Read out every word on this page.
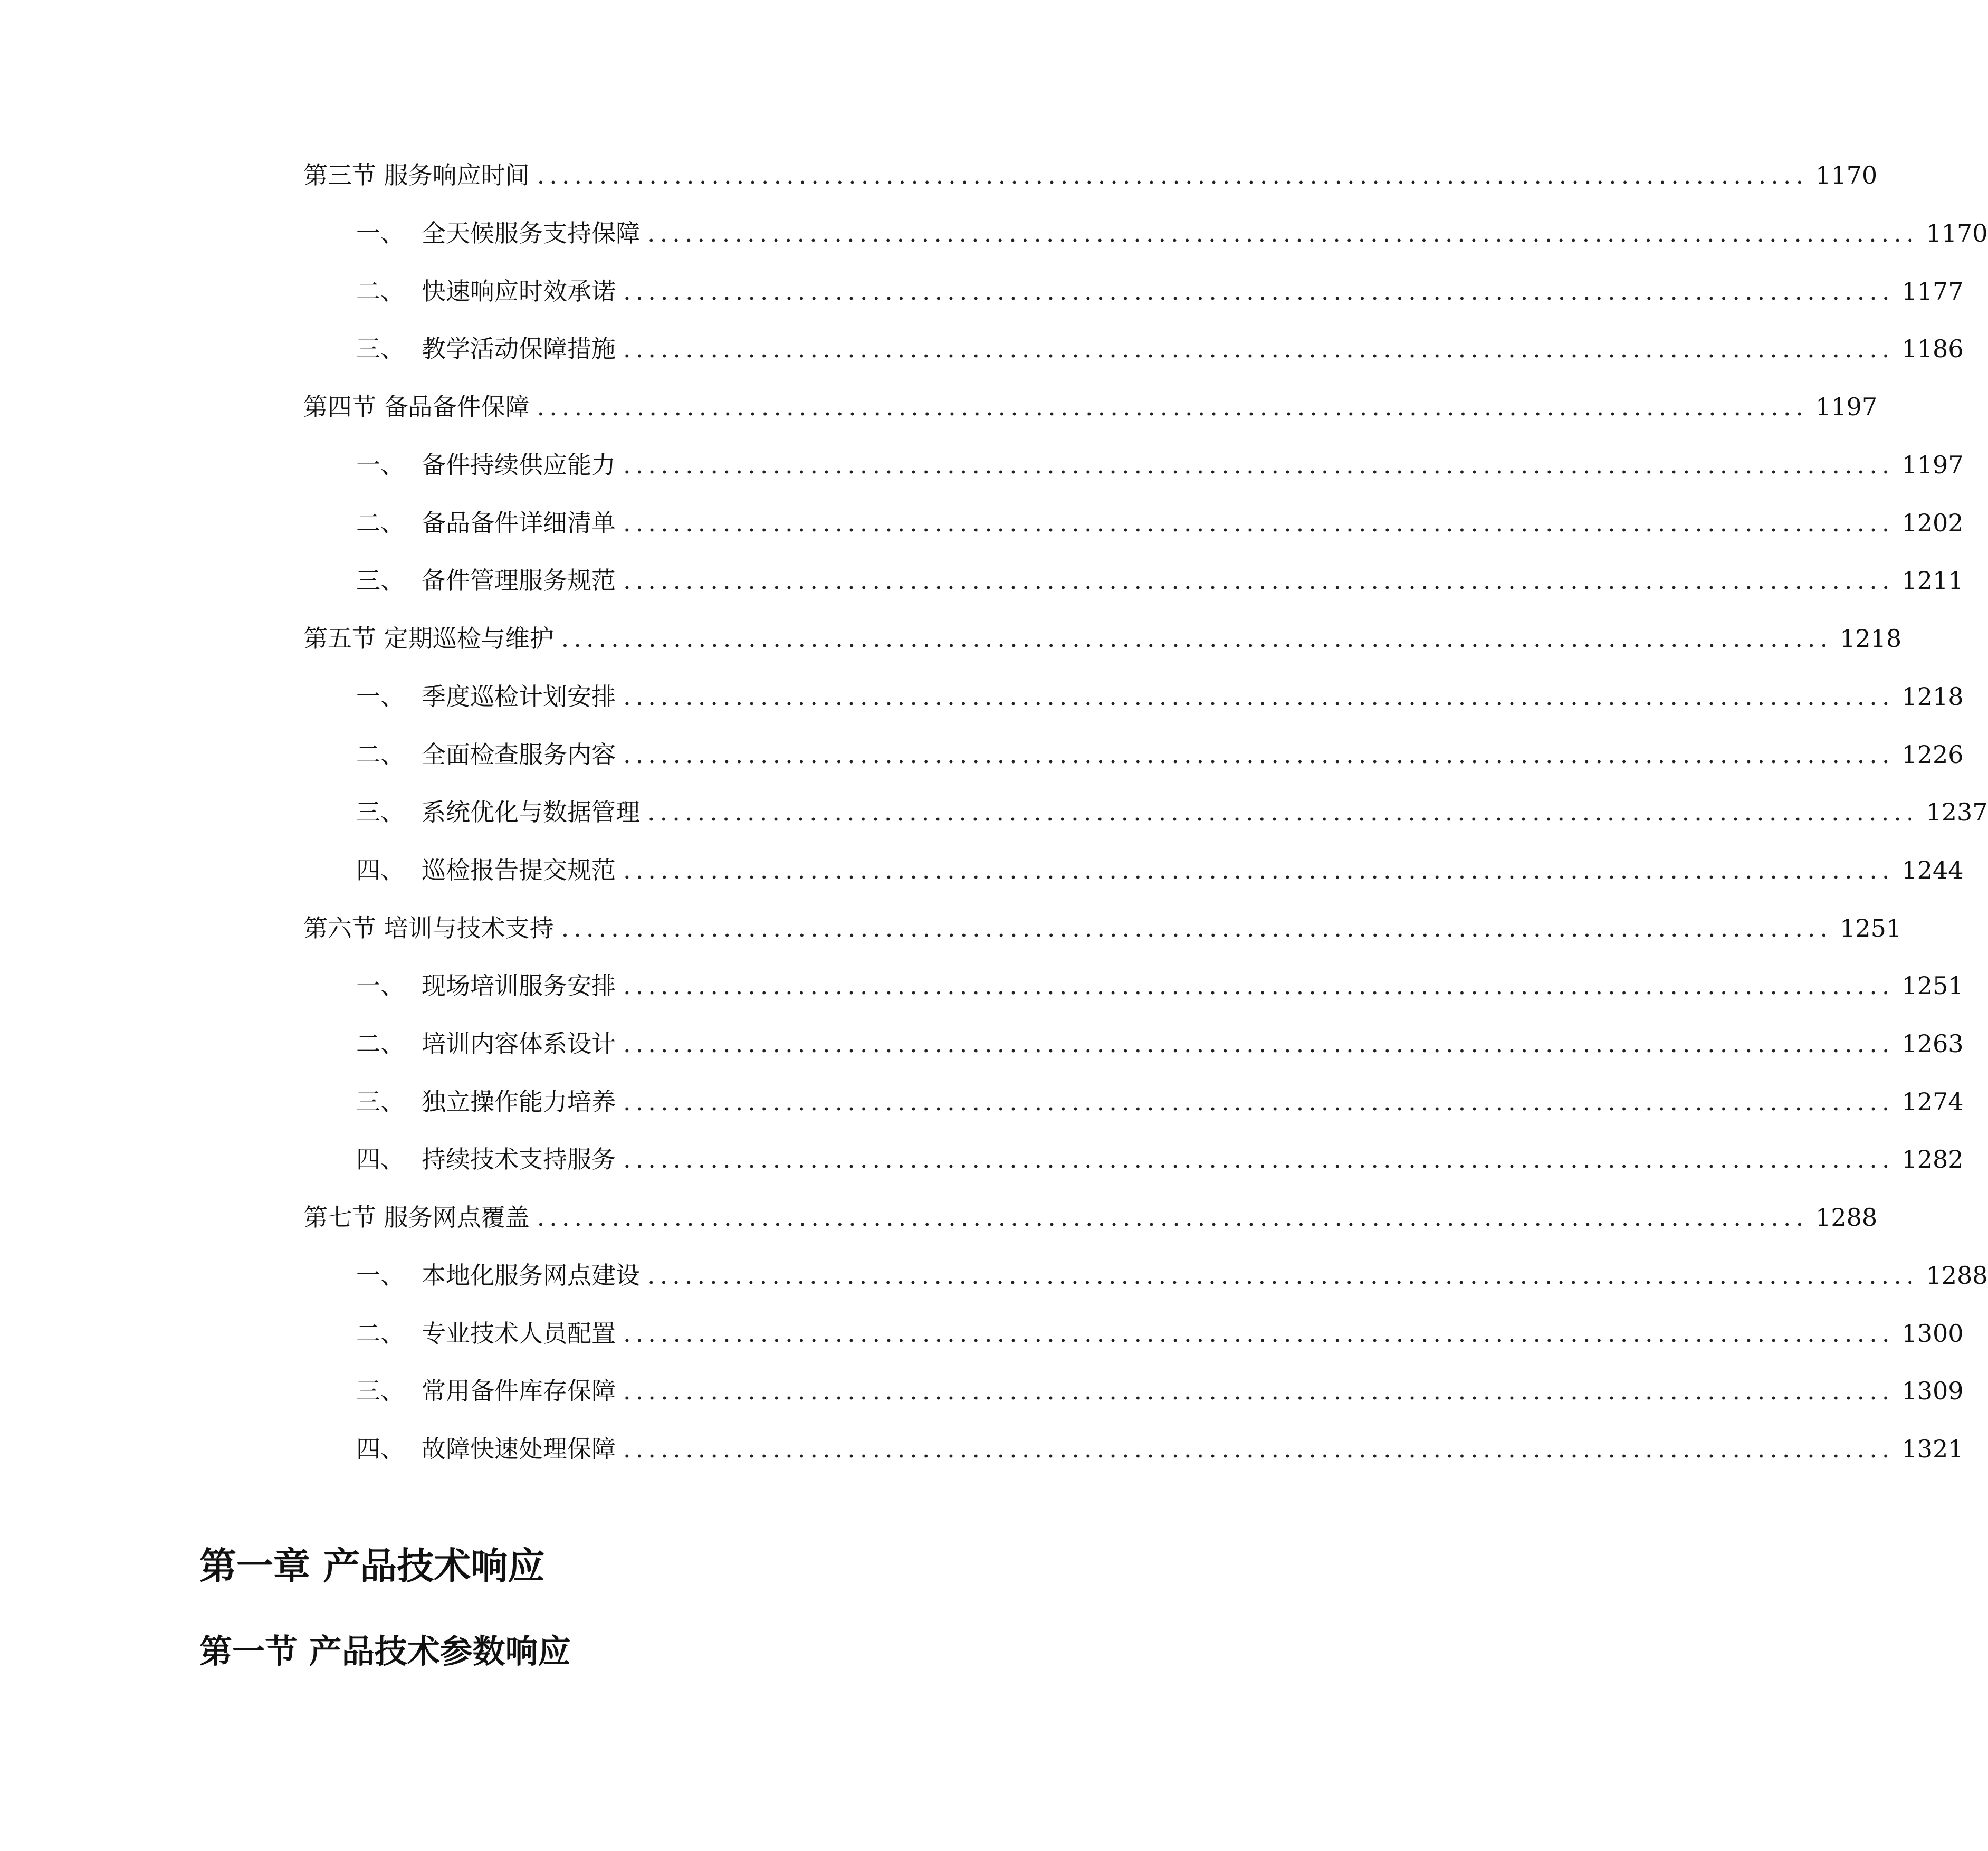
第三节 服务响应时间 ...................................................................................................... 1170
一、 全天候服务支持保障 ...................................................................................................... 1170
二、 快速响应时效承诺 ...................................................................................................... 1177
三、 教学活动保障措施 ...................................................................................................... 1186
第四节 备品备件保障 ...................................................................................................... 1197
一、 备件持续供应能力 ...................................................................................................... 1197
二、 备品备件详细清单 ...................................................................................................... 1202
三、 备件管理服务规范 ...................................................................................................... 1211
第五节 定期巡检与维护 ...................................................................................................... 1218
一、 季度巡检计划安排 ...................................................................................................... 1218
二、 全面检查服务内容 ...................................................................................................... 1226
三、 系统优化与数据管理 ...................................................................................................... 1237
四、 巡检报告提交规范 ...................................................................................................... 1244
第六节 培训与技术支持 ...................................................................................................... 1251
一、 现场培训服务安排 ...................................................................................................... 1251
二、 培训内容体系设计 ...................................................................................................... 1263
三、 独立操作能力培养 ...................................................................................................... 1274
四、 持续技术支持服务 ...................................................................................................... 1282
第七节 服务网点覆盖 ...................................................................................................... 1288
一、 本地化服务网点建设 ...................................................................................................... 1288
二、 专业技术人员配置 ...................................................................................................... 1300
三、 常用备件库存保障 ...................................................................................................... 1309
四、 故障快速处理保障 ...................................................................................................... 1321
第一章 产品技术响应
第一节 产品技术参数响应
